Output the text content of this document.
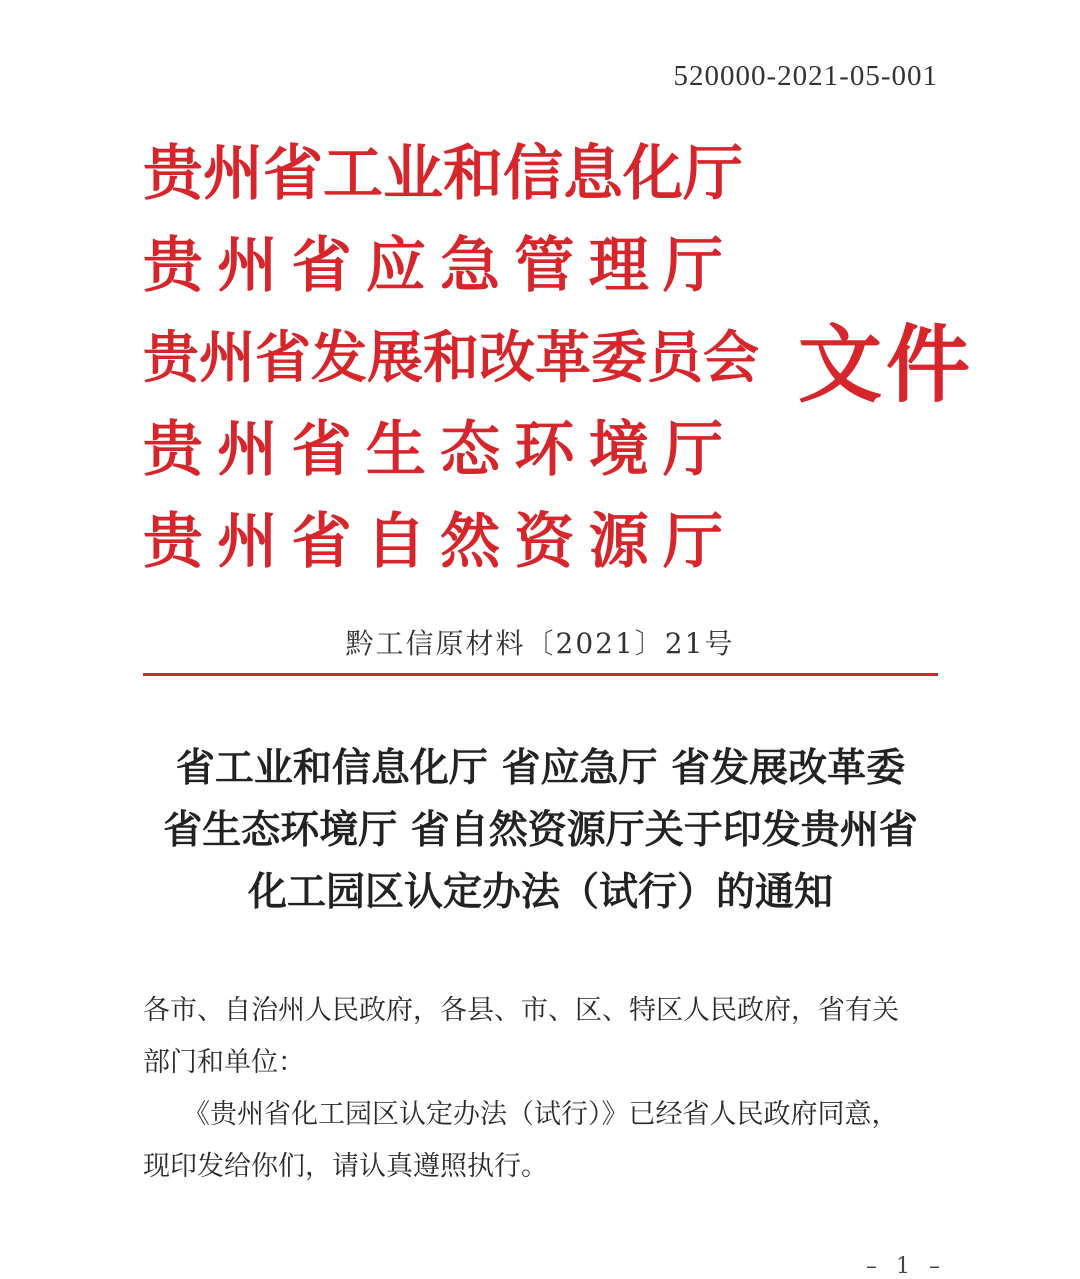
520000-2021-05-001
贵 州 省 工 业 和 信 息 化 厅
贵 州 省 应 急 管 理 厅
贵 州 省 发 展 和 改 革 委 员 会
贵 州 省 生 态 环 境 厅
贵 州 省 自 然 资 源 厅
文件
黔工信原材料〔2021〕21号
省工业和信息化厅 省应急厅 省发展改革委
省生态环境厅 省自然资源厅关于印发贵州省
化工园区认定办法（试行）的通知
各市、自治州人民政府，各县、市、区、特区人民政府，省有关
部门和单位：
《贵州省化工园区认定办法（试行）》已经省人民政府同意，
现印发给你们，请认真遵照执行。
– 1 –
